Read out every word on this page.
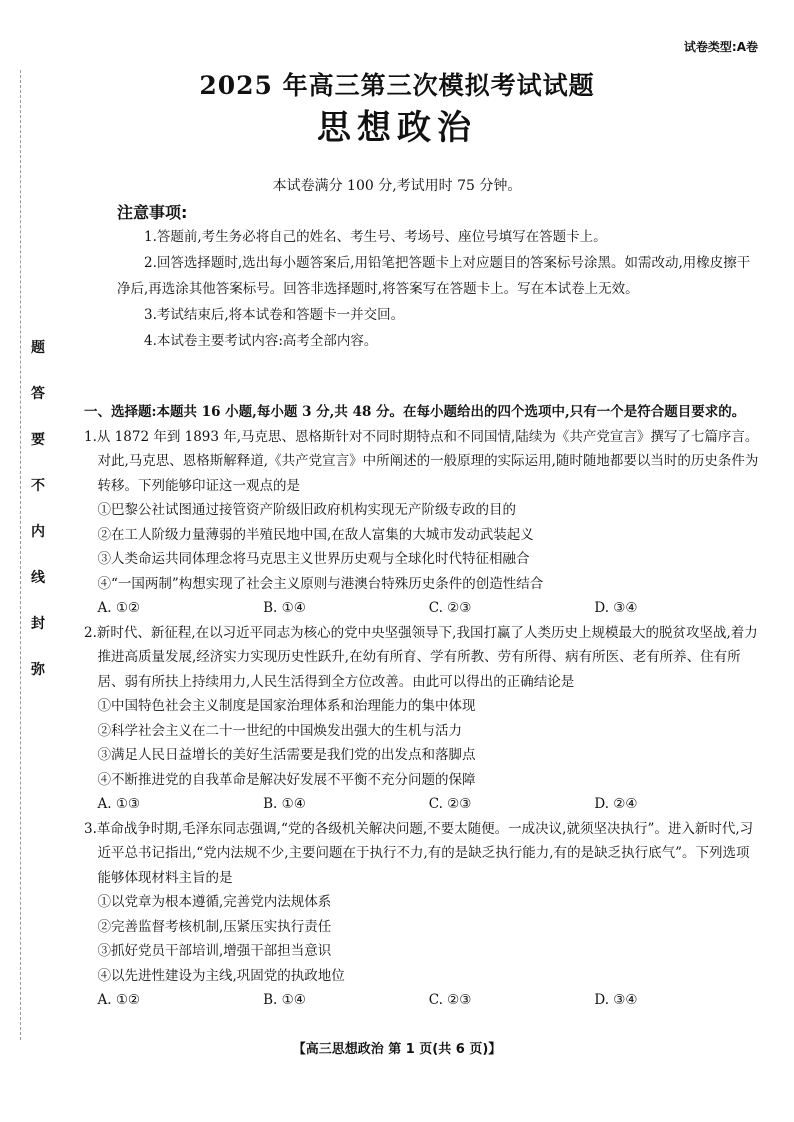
题
答
要
不
内
线
封
弥
试卷类型:A卷
2025 年高三第三次模拟考试试题
思想政治
本试卷满分 100 分,考试用时 75 分钟。
注意事项:

1.答题前,考生务必将自己的姓名、考生号、考场号、座位号填写在答题卡上。

2.回答选择题时,选出每小题答案后,用铅笔把答题卡上对应题目的答案标号涂黑。如需改动,用橡皮擦干净后,再选涂其他答案标号。回答非选择题时,将答案写在答题卡上。写在本试卷上无效。

3.考试结束后,将本试卷和答题卡一并交回。

4.本试卷主要考试内容:高考全部内容。

一、选择题:本题共 16 小题,每小题 3 分,共 48 分。在每小题给出的四个选项中,只有一个是符合题目要求的。

1.从 1872 年到 1893 年,马克思、恩格斯针对不同时期特点和不同国情,陆续为《共产党宣言》撰写了七篇序言。对此,马克思、恩格斯解释道,《共产党宣言》中所阐述的一般原理的实际运用,随时随地都要以当时的历史条件为转移。下列能够印证这一观点的是

①巴黎公社试图通过接管资产阶级旧政府机构实现无产阶级专政的目的

②在工人阶级力量薄弱的半殖民地中国,在敌人富集的大城市发动武装起义

③人类命运共同体理念将马克思主义世界历史观与全球化时代特征相融合

④“一国两制”构想实现了社会主义原则与港澳台特殊历史条件的创造性结合

A. ①②	B. ①④	C. ②③	D. ③④

2.新时代、新征程,在以习近平同志为核心的党中央坚强领导下,我国打赢了人类历史上规模最大的脱贫攻坚战,着力推进高质量发展,经济实力实现历史性跃升,在幼有所育、学有所教、劳有所得、病有所医、老有所养、住有所居、弱有所扶上持续用力,人民生活得到全方位改善。由此可以得出的正确结论是

①中国特色社会主义制度是国家治理体系和治理能力的集中体现

②科学社会主义在二十一世纪的中国焕发出强大的生机与活力

③满足人民日益增长的美好生活需要是我们党的出发点和落脚点

④不断推进党的自我革命是解决好发展不平衡不充分问题的保障

A. ①③	B. ①④	C. ②③	D. ②④

3.革命战争时期,毛泽东同志强调,“党的各级机关解决问题,不要太随便。一成决议,就须坚决执行”。进入新时代,习近平总书记指出,“党内法规不少,主要问题在于执行不力,有的是缺乏执行能力,有的是缺乏执行底气”。下列选项能够体现材料主旨的是

①以党章为根本遵循,完善党内法规体系
②完善监督考核机制,压紧压实执行责任
③抓好党员干部培训,增强干部担当意识
④以先进性建设为主线,巩固党的执政地位

A. ①②	B. ①④	C. ②③	D. ③④

【高三思想政治 第 1 页(共 6 页)】
